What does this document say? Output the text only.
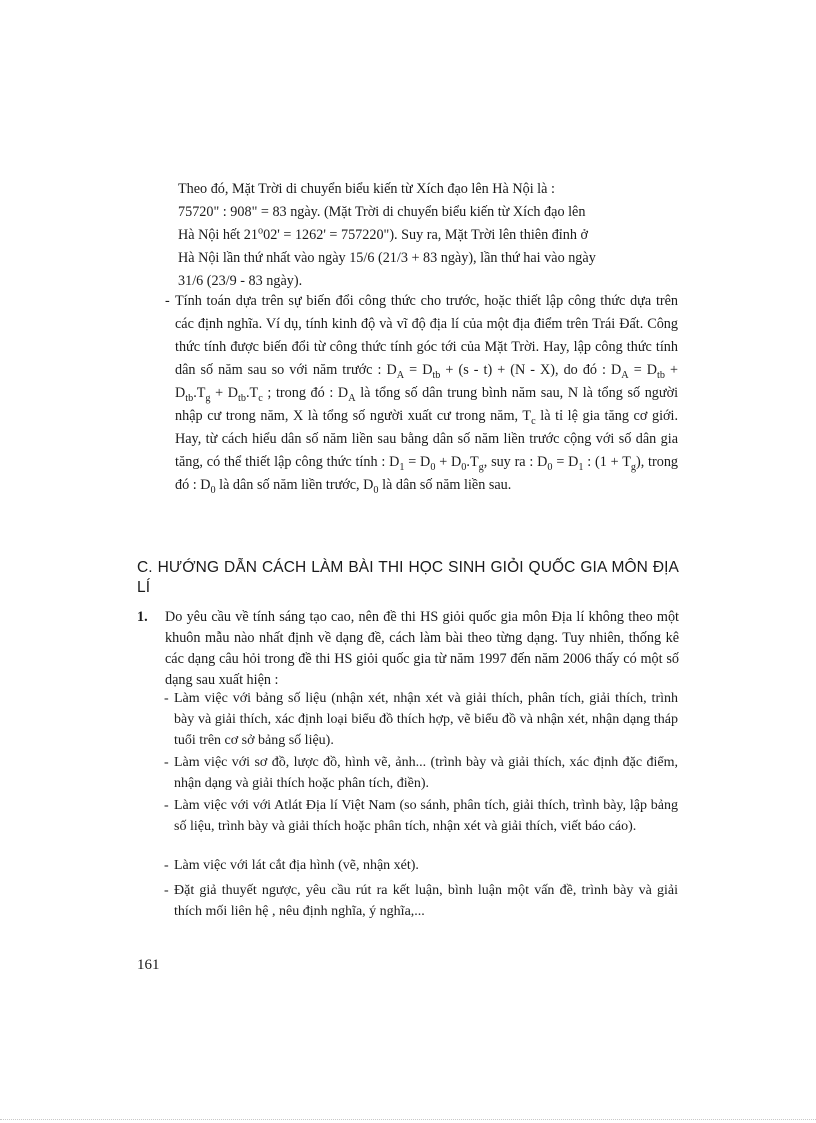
Theo đó, Mặt Trời di chuyển biểu kiến từ Xích đạo lên Hà Nội là :
75720" : 908" = 83 ngày. (Mặt Trời di chuyển biểu kiến từ Xích đạo lên
Hà Nội hết $21^o02' = 1262'$ = 757220"). Suy ra, Mặt Trời lên thiên đỉnh ở
Hà Nội lần thứ nhất vào ngày 15/6 (21/3 + 83 ngày), lần thứ hai vào ngày
31/6 (23/9 - 83 ngày).

- Tính toán dựa trên sự biến đổi công thức cho trước, hoặc thiết lập công thức dựa trên các định nghĩa. Ví dụ, tính kinh độ và vĩ độ địa lí của một địa điểm trên Trái Đất. Công thức tính được biến đổi từ công thức tính góc tới của Mặt Trời. Hay, lập công thức tính dân số năm sau so với năm trước : $D_A = D_{tb} + (s - t) + (N - X)$, do đó : $D_A = D_{tb} + D_{tb}.T_g + D_{tb}.T_c$ ; trong đó : $D_A$ là tổng số dân trung bình năm sau, N là tổng số người nhập cư trong năm, X là tổng số người xuất cư trong năm, $T_c$ là tỉ lệ gia tăng cơ giới. Hay, từ cách hiểu dân số năm liền sau bằng dân số năm liền trước cộng với số dân gia tăng, có thể thiết lập công thức tính : $D_1 = D_0 + D_0.T_g$, suy ra : $D_0 = D_1$ : $(1 + T_g)$, trong đó : $D_0$ là dân số năm liền trước, $D_0$ là dân số năm liền sau.

C. HƯỚNG DẪN CÁCH LÀM BÀI THI HỌC SINH GIỎI QUỐC GIA MÔN ĐỊA LÍ
1. Do yêu cầu về tính sáng tạo cao, nên đề thi HS giỏi quốc gia môn Địa lí không theo một khuôn mẫu nào nhất định về dạng đề, cách làm bài theo từng dạng. Tuy nhiên, thống kê các dạng câu hỏi trong đề thi HS giỏi quốc gia từ năm 1997 đến năm 2006 thấy có một số dạng sau xuất hiện :

- Làm việc với bảng số liệu (nhận xét, nhận xét và giải thích, phân tích, giải thích, trình bày và giải thích, xác định loại biểu đồ thích hợp, vẽ biểu đồ và nhận xét, nhận dạng tháp tuổi trên cơ sở bảng số liệu).

- Làm việc với sơ đồ, lược đồ, hình vẽ, ảnh... (trình bày và giải thích, xác định đặc điểm, nhận dạng và giải thích hoặc phân tích, điền).

- Làm việc với với Atlát Địa lí Việt Nam (so sánh, phân tích, giải thích, trình bày, lập bảng số liệu, trình bày và giải thích hoặc phân tích, nhận xét và giải thích, viết báo cáo).

- Làm việc với lát cắt địa hình (vẽ, nhận xét).

- Đặt giả thuyết ngược, yêu cầu rút ra kết luận, bình luận một vấn đề, trình bày và giải thích mối liên hệ , nêu định nghĩa, ý nghĩa,...

161
